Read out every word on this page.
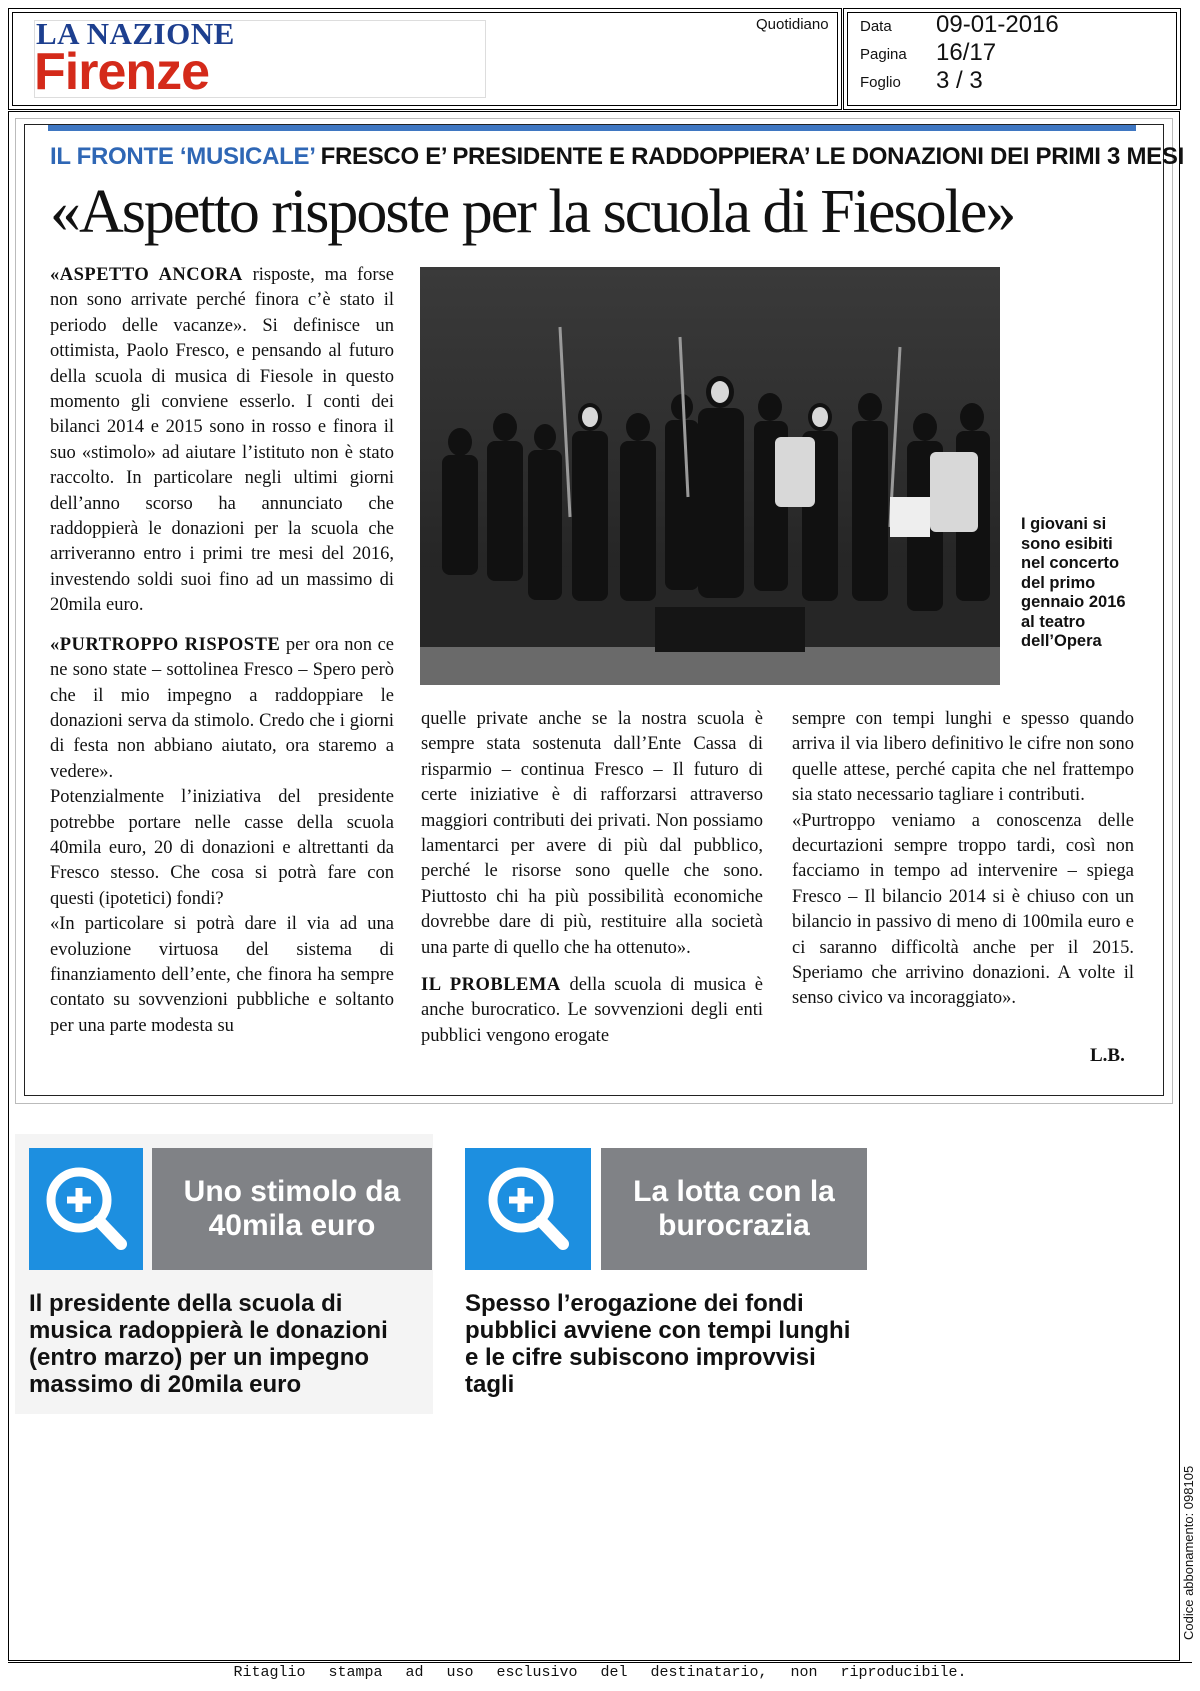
LA NAZIONE
Firenze
Quotidiano Data 09-01-2016
Pagina 16/17
Foglio 3 / 3
IL FRONTE ‘MUSICALE’ FRESCO E’ PRESIDENTE E RADDOPPIERA’ LE DONAZIONI DEI PRIMI 3 MESI
«Aspetto risposte per la scuola di Fiesole»

«ASPETTO ANCORA risposte, ma forse non sono arrivate perché finora c’è stato il periodo delle vacanze». Si definisce un ottimista, Paolo Fresco, e pensando al futuro della scuola di musica di Fiesole in questo momento gli conviene esserlo. I conti dei bilanci 2014 e 2015 sono in rosso e finora il suo «stimolo» ad aiutare l’istituto non è stato raccolto. In particolare negli ultimi giorni dell’anno scorso ha annunciato che raddoppierà le donazioni per la scuola che arriveranno entro i primi tre mesi del 2016, investendo soldi suoi fino ad un massimo di 20mila euro.

«PURTROPPO RISPOSTE per ora non ce ne sono state – sottolinea Fresco – Spero però che il mio impegno a raddoppiare le donazioni serva da stimolo. Credo che i giorni di festa non abbiano aiutato, ora staremo a vedere».

Potenzialmente l’iniziativa del presidente potrebbe portare nelle casse della scuola 40mila euro, 20 di donazioni e altrettanti da Fresco stesso. Che cosa si potrà fare con questi (ipotetici) fondi?

«In particolare si potrà dare il via ad una evoluzione virtuosa del sistema di finanziamento dell’ente, che finora ha sempre contato su sovvenzioni pubbliche e soltanto per una parte modesta su

I giovani si sono esibiti nel concerto del primo gennaio 2016 al teatro dell’Opera

quelle private anche se la nostra scuola è sempre stata sostenuta dall’Ente Cassa di risparmio – continua Fresco – Il futuro di certe iniziative è di rafforzarsi attraverso maggiori contributi dei privati. Non possiamo lamentarci per avere di più dal pubblico, perché le risorse sono quelle che sono. Piuttosto chi ha più possibilità economiche dovrebbe dare di più, restituire alla società una parte di quello che ha ottenuto».

IL PROBLEMA della scuola di musica è anche burocratico. Le sovvenzioni degli enti pubblici vengono erogate

sempre con tempi lunghi e spesso quando arriva il via libero definitivo le cifre non sono quelle attese, perché capita che nel frattempo sia stato necessario tagliare i contributi.

«Purtroppo veniamo a conoscenza delle decurtazioni sempre troppo tardi, così non facciamo in tempo ad intervenire – spiega Fresco – Il bilancio 2014 si è chiuso con un bilancio in passivo di meno di 100mila euro e ci saranno difficoltà anche per il 2015. Speriamo che arrivino donazioni. A volte il senso civico va incoraggiato».

L.B.
Uno stimolo da 40mila euro
Il presidente della scuola di musica radoppierà le donazioni (entro marzo) per un impegno massimo di 20mila euro
La lotta con la burocrazia
Spesso l’erogazione dei fondi pubblici avviene con tempi lunghi e le cifre subiscono improvvisi tagli
Codice abbonamento: 098105
Ritaglio stampa ad uso esclusivo del destinatario, non riproducibile.
